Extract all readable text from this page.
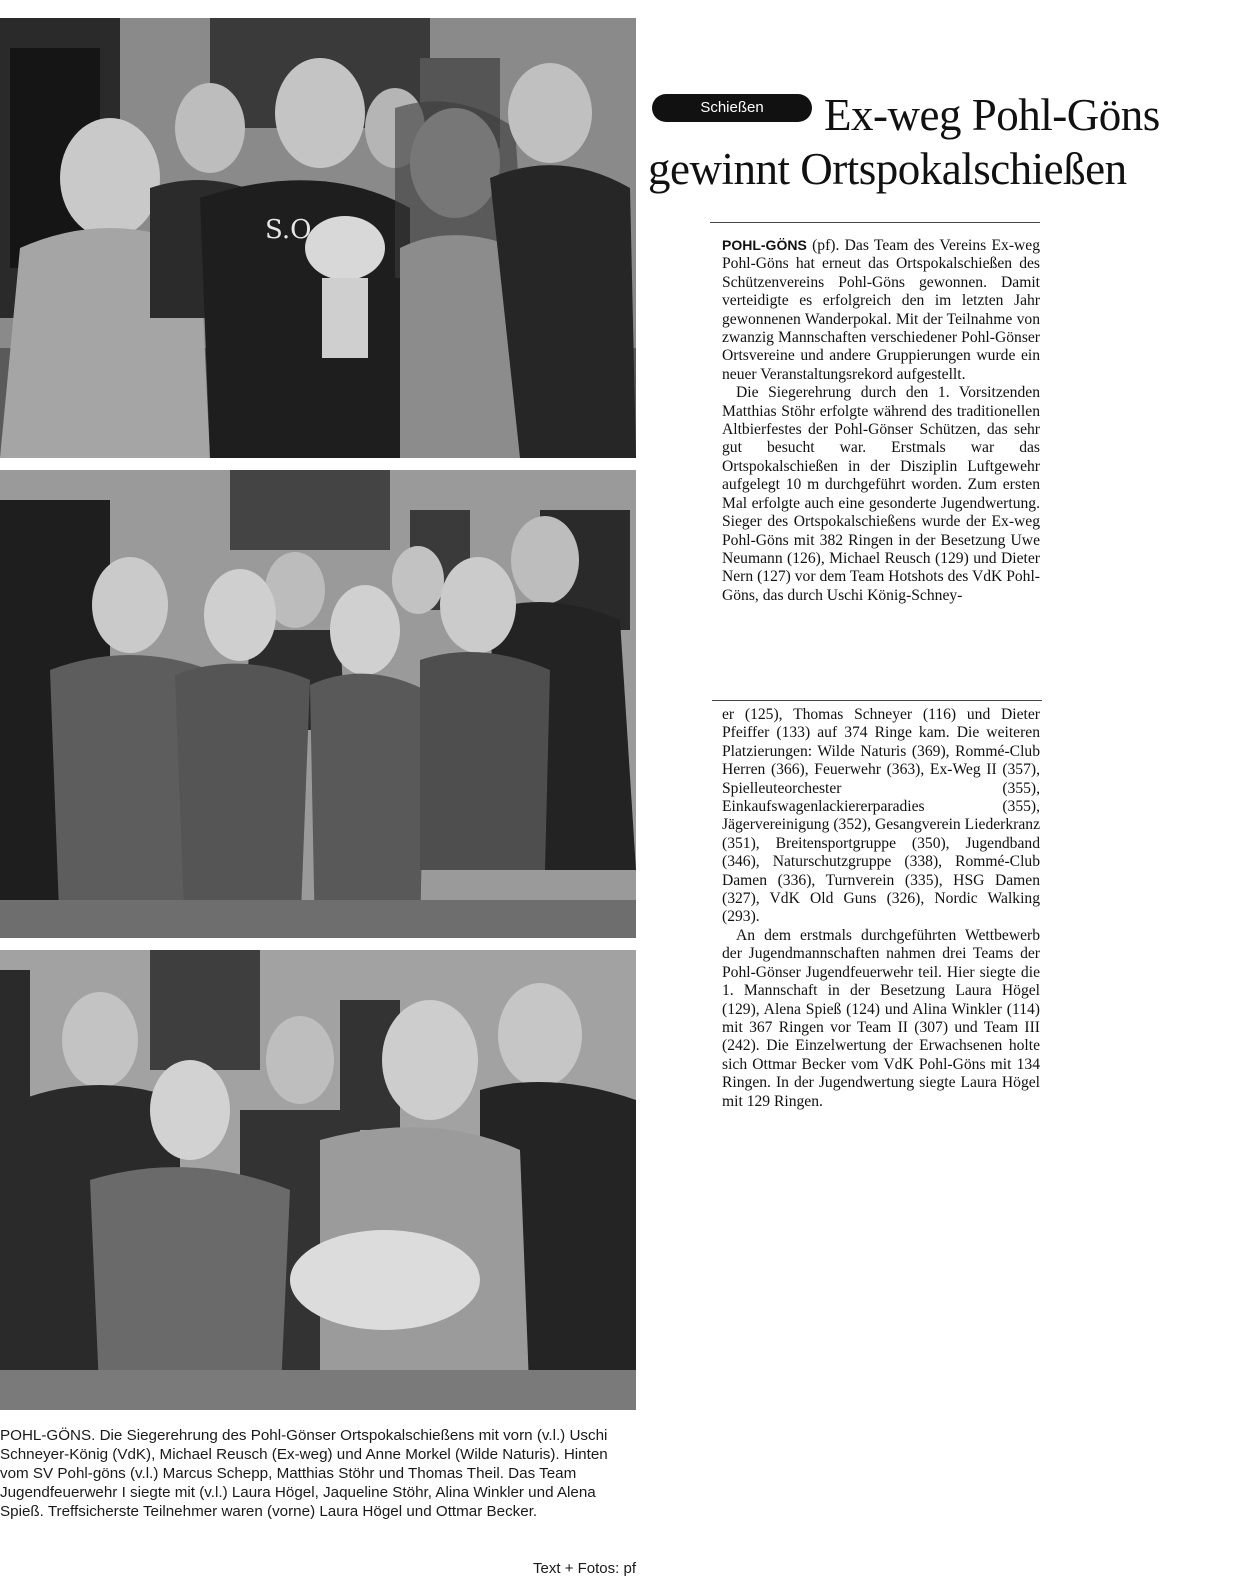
S.O
Schießen	Ex-weg Pohl-Göns
gewinnt Ortspokalschießen

POHL-GÖNS (pf). Das Team des Vereins Ex-weg Pohl-Göns hat erneut das Ortspokalschießen des Schützenvereins Pohl-Göns gewonnen. Damit verteidigte es erfolgreich den im letzten Jahr gewonnenen Wanderpokal. Mit der Teilnahme von zwanzig Mannschaften verschiedener Pohl-Gönser Ortsvereine und andere Gruppierungen wurde ein neuer Veranstaltungsrekord aufgestellt.

Die Siegerehrung durch den 1. Vorsitzenden Matthias Stöhr erfolgte während des traditionellen Altbierfestes der Pohl-Gönser Schützen, das sehr gut besucht war. Erstmals war das Ortspokalschießen in der Disziplin Luftgewehr aufgelegt 10 m durchgeführt worden. Zum ersten Mal erfolgte auch eine gesonderte Jugendwertung. Sieger des Ortspokalschießens wurde der Ex-weg Pohl-Göns mit 382 Ringen in der Besetzung Uwe Neumann (126), Michael Reusch (129) und Dieter Nern (127) vor dem Team Hotshots des VdK Pohl-Göns, das durch Uschi König-Schney-

er (125), Thomas Schneyer (116) und Dieter Pfeiffer (133) auf 374 Ringe kam. Die weiteren Platzierungen: Wilde Naturis (369), Rommé-Club Herren (366), Feuerwehr (363), Ex-Weg II (357), Spielleuteorchester (355), Einkaufswagenlackiererparadies (355), Jägervereinigung (352), Gesangverein Liederkranz (351), Breitensportgruppe (350), Jugendband (346), Naturschutzgruppe (338), Rommé-Club Damen (336), Turnverein (335), HSG Damen (327), VdK Old Guns (326), Nordic Walking (293).

An dem erstmals durchgeführten Wettbewerb der Jugendmannschaften nahmen drei Teams der Pohl-Gönser Jugendfeuerwehr teil. Hier siegte die 1. Mannschaft in der Besetzung Laura Högel (129), Alena Spieß (124) und Alina Winkler (114) mit 367 Ringen vor Team II (307) und Team III (242). Die Einzelwertung der Erwachsenen holte sich Ottmar Becker vom VdK Pohl-Göns mit 134 Ringen. In der Jugendwertung siegte Laura Högel mit 129 Ringen.

POHL-GÖNS. Die Siegerehrung des Pohl-Gönser Ortspokalschießens mit vorn (v.l.) Uschi Schneyer-König (VdK), Michael Reusch (Ex-weg) und Anne Morkel (Wilde Naturis). Hinten vom SV Pohl-göns (v.l.) Marcus Schepp, Matthias Stöhr und Thomas Theil. Das Team Jugendfeuerwehr I siegte mit (v.l.) Laura Högel, Jaqueline Stöhr, Alina Winkler und Alena Spieß. Treffsicherste Teilnehmer waren (vorne) Laura Högel und Ottmar Becker.

Text + Fotos: pf
